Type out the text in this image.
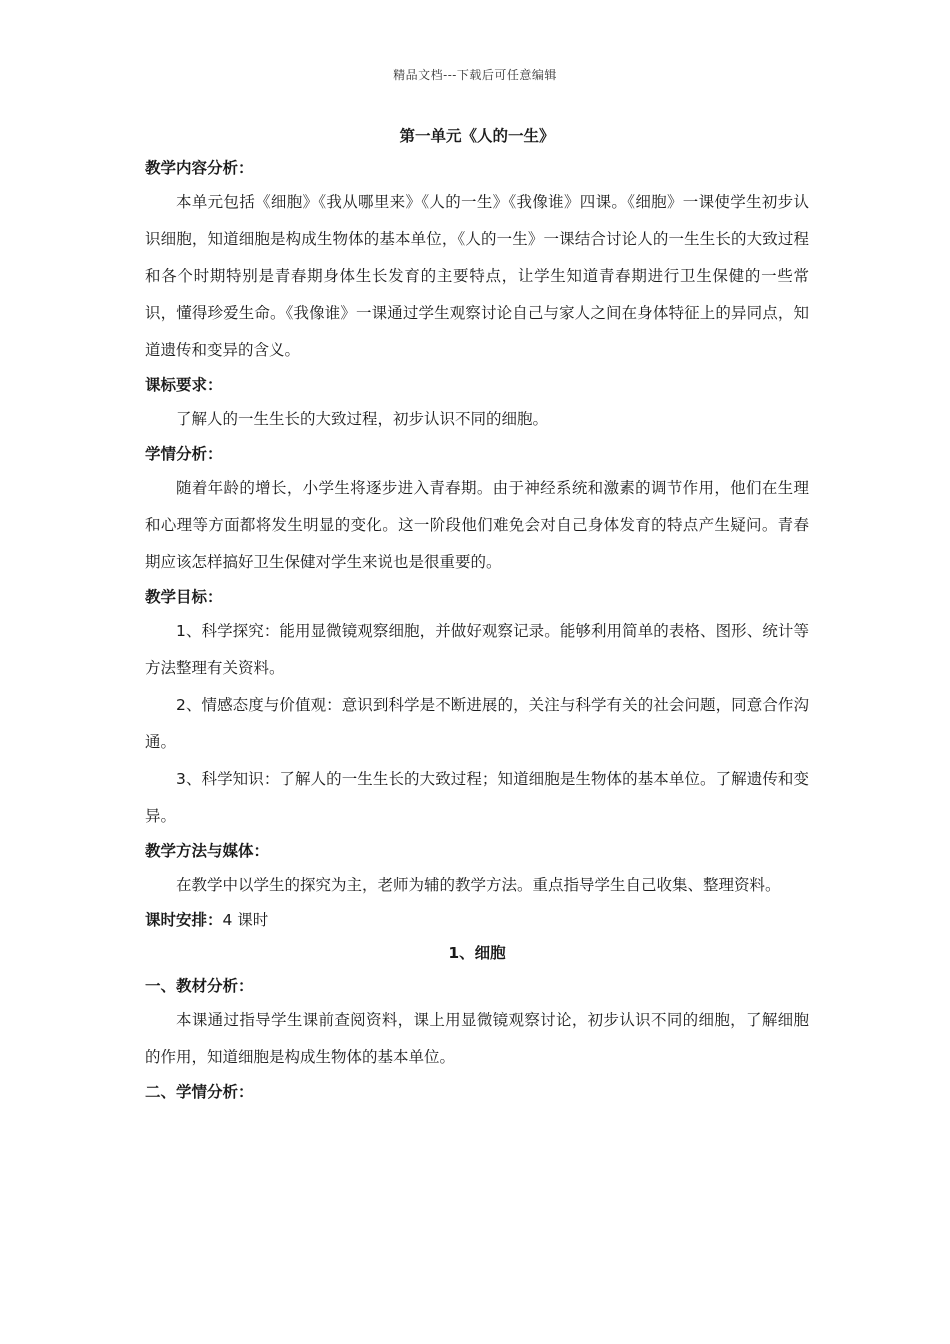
精品文档---下载后可任意编辑

第一单元《人的一生》

教学内容分析：

本单元包括《细胞》《我从哪里来》《人的一生》《我像谁》四课。《细胞》一课使学生初步认识细胞，知道细胞是构成生物体的基本单位，《人的一生》一课结合讨论人的一生生长的大致过程和各个时期特别是青春期身体生长发育的主要特点，让学生知道青春期进行卫生保健的一些常识，懂得珍爱生命。《我像谁》一课通过学生观察讨论自己与家人之间在身体特征上的异同点，知道遗传和变异的含义。

课标要求：

了解人的一生生长的大致过程，初步认识不同的细胞。

学情分析：

随着年龄的增长，小学生将逐步进入青春期。由于神经系统和激素的调节作用，他们在生理和心理等方面都将发生明显的变化。这一阶段他们难免会对自己身体发育的特点产生疑问。青春期应该怎样搞好卫生保健对学生来说也是很重要的。

教学目标：

1、科学探究：能用显微镜观察细胞，并做好观察记录。能够利用简单的表格、图形、统计等方法整理有关资料。

2、情感态度与价值观：意识到科学是不断进展的，关注与科学有关的社会问题，同意合作沟通。

3、科学知识：了解人的一生生长的大致过程；知道细胞是生物体的基本单位。了解遗传和变异。

教学方法与媒体：

在教学中以学生的探究为主，老师为辅的教学方法。重点指导学生自己收集、整理资料。

课时安排：4 课时

1、细胞

一、教材分析：

本课通过指导学生课前查阅资料，课上用显微镜观察讨论，初步认识不同的细胞，了解细胞的作用，知道细胞是构成生物体的基本单位。

二、学情分析：
